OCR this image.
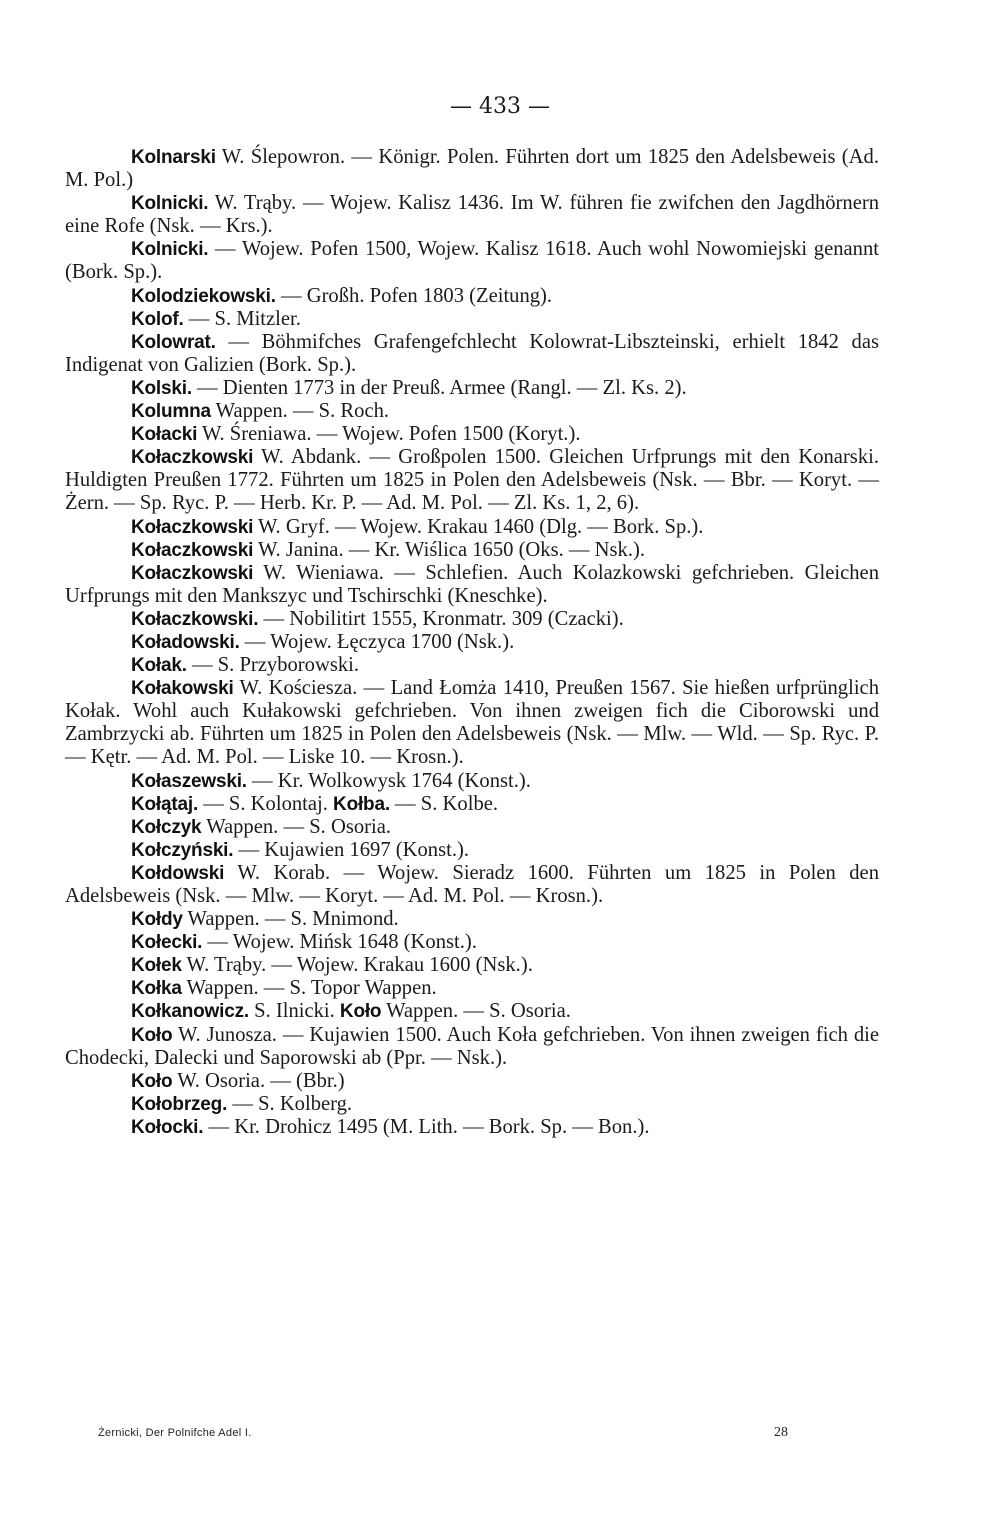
— 433 —

Kolnarski W. Ślepowron. — Königr. Polen. Führten dort um 1825 den Adelsbeweis (Ad. M. Pol.)

Kolnicki. W. Trąby. — Wojew. Kalisz 1436. Im W. führen fie zwifchen den Jagdhörnern eine Rofe (Nsk. — Krs.).

Kolnicki. — Wojew. Pofen 1500, Wojew. Kalisz 1618. Auch wohl Nowomiejski genannt (Bork. Sp.).

Kolodziekowski. — Großh. Pofen 1803 (Zeitung).

Kolof. — S. Mitzler.

Kolowrat. — Böhmifches Grafengefchlecht Kolowrat-Libszteinski, erhielt 1842 das Indigenat von Galizien (Bork. Sp.).

Kolski. — Dienten 1773 in der Preuß. Armee (Rangl. — Zl. Ks. 2).

Kolumna Wappen. — S. Roch.

Kołacki W. Śreniawa. — Wojew. Pofen 1500 (Koryt.).

Kołaczkowski W. Abdank. — Großpolen 1500. Gleichen Urfprungs mit den Konarski. Huldigten Preußen 1772. Führten um 1825 in Polen den Adelsbeweis (Nsk. — Bbr. — Koryt. — Żern. — Sp. Ryc. P. — Herb. Kr. P. — Ad. M. Pol. — Zl. Ks. 1, 2, 6).

Kołaczkowski W. Gryf. — Wojew. Krakau 1460 (Dlg. — Bork. Sp.).

Kołaczkowski W. Janina. — Kr. Wiślica 1650 (Oks. — Nsk.).

Kołaczkowski W. Wieniawa. — Schlefien. Auch Kolazkowski gefchrieben. Gleichen Urfprungs mit den Mankszyc und Tschirschki (Kneschke).

Kołaczkowski. — Nobilitirt 1555, Kronmatr. 309 (Czacki).

Koładowski. — Wojew. Łęczyca 1700 (Nsk.).

Kołak. — S. Przyborowski.

Kołakowski W. Kościesza. — Land Łomża 1410, Preußen 1567. Sie hießen urfprünglich Kołak. Wohl auch Kułakowski gefchrieben. Von ihnen zweigen fich die Ciborowski und Zambrzycki ab. Führten um 1825 in Polen den Adelsbeweis (Nsk. — Mlw. — Wld. — Sp. Ryc. P. — Kętr. — Ad. M. Pol. — Liske 10. — Krosn.).

Kołaszewski. — Kr. Wolkowysk 1764 (Konst.).

Kołątaj. — S. Kolontaj. Kołba. — S. Kolbe.

Kołczyk Wappen. — S. Osoria.

Kołczyński. — Kujawien 1697 (Konst.).

Kołdowski W. Korab. — Wojew. Sieradz 1600. Führten um 1825 in Polen den Adelsbeweis (Nsk. — Mlw. — Koryt. — Ad. M. Pol. — Krosn.).

Kołdy Wappen. — S. Mnimond.

Kołecki. — Wojew. Mińsk 1648 (Konst.).

Kołek W. Trąby. — Wojew. Krakau 1600 (Nsk.).

Kołka Wappen. — S. Topor Wappen.

Kołkanowicz. S. Ilnicki. Koło Wappen. — S. Osoria.

Koło W. Junosza. — Kujawien 1500. Auch Koła gefchrieben. Von ihnen zweigen fich die Chodecki, Dalecki und Saporowski ab (Ppr. — Nsk.).

Koło W. Osoria. — (Bbr.)

Kołobrzeg. — S. Kolberg.

Kołocki. — Kr. Drohicz 1495 (M. Lith. — Bork. Sp. — Bon.).

Żernicki, Der Polnifche Adel I.	28
